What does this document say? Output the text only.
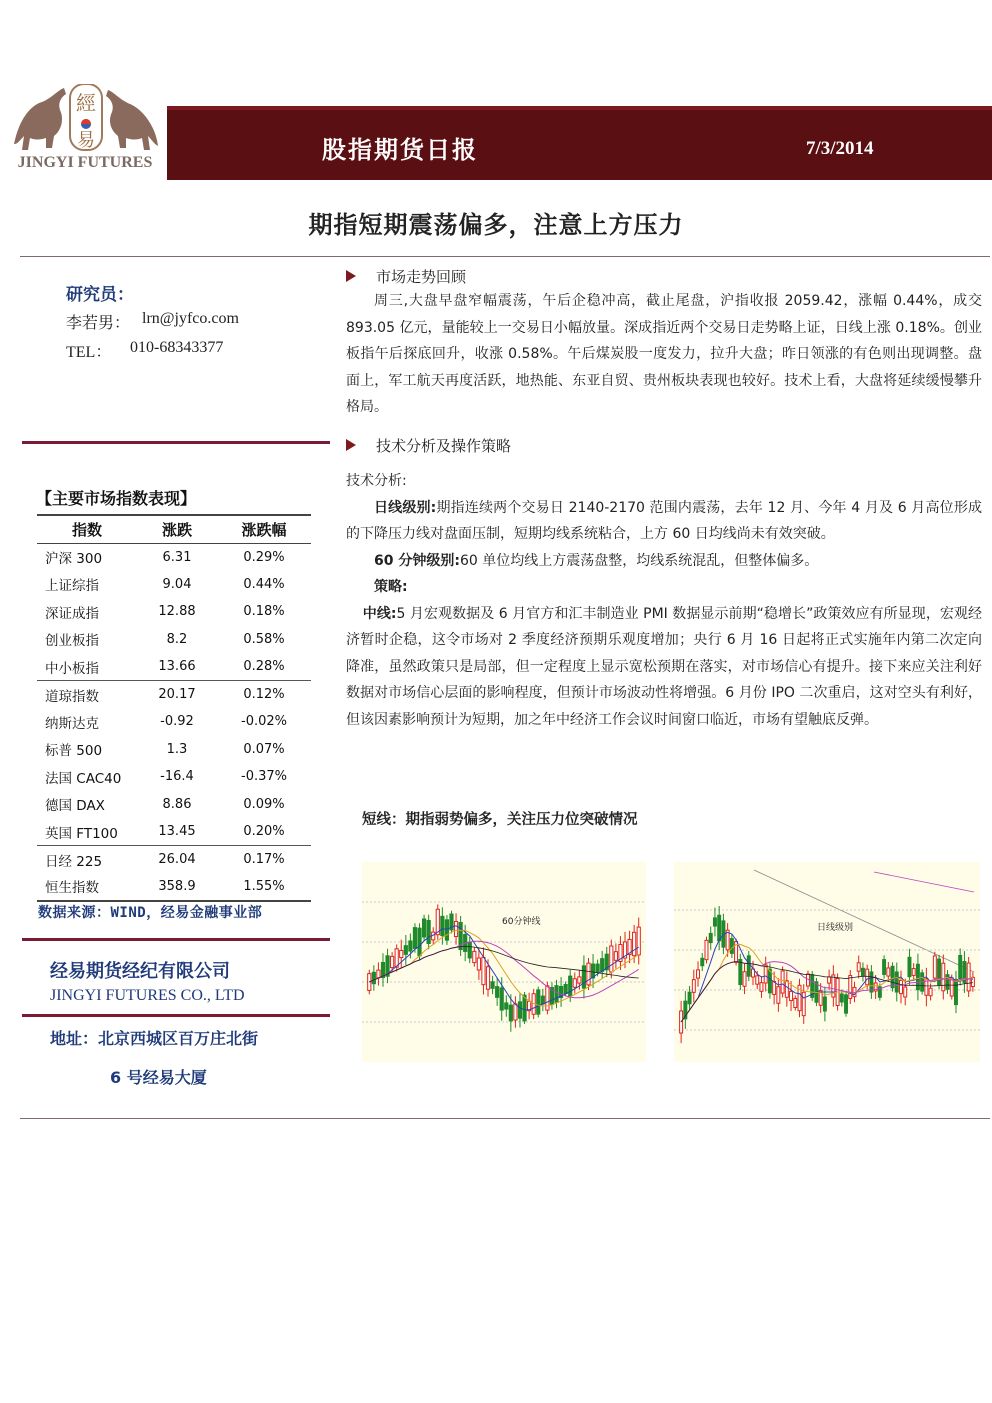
經
易
JINGYI FUTURES	股指期货日报	7/3/2014
期指短期震荡偏多，注意上方压力
研究员：
李若男： lrn@jyfco.com
TEL： 010-68343377
【主要市场指数表现】
指数	涨跌	涨跌幅
沪深 300	6.31	0.29%
上证综指	9.04	0.44%
深证成指	12.88	0.18%
创业板指	8.2	0.58%
中小板指	13.66	0.28%
道琼指数	20.17	0.12%
纳斯达克	-0.92	-0.02%
标普 500	1.3	0.07%
法国 CAC40	-16.4	-0.37%
德国 DAX	8.86	0.09%
英国 FT100	13.45	0.20%
日经 225	26.04	0.17%
恒生指数	358.9	1.55%
数据来源：WIND，经易金融事业部
经易期货经纪有限公司
JINGYI FUTURES CO., LTD
地址：北京西城区百万庄北街
6 号经易大厦
市场走势回顾

周三,大盘早盘窄幅震荡，午后企稳冲高，截止尾盘，沪指收报 2059.42，涨幅 0.44%，成交 893.05 亿元，量能较上一交易日小幅放量。深成指近两个交易日走势略上证，日线上涨 0.18%。创业板指午后探底回升，收涨 0.58%。午后煤炭股一度发力，拉升大盘；昨日领涨的有色则出现调整。盘面上，军工航天再度活跃，地热能、东亚自贸、贵州板块表现也较好。技术上看，大盘将延续缓慢攀升格局。

技术分析及操作策略

技术分析:

日线级别:期指连续两个交易日 2140-2170 范围内震荡，去年 12 月、今年 4 月及 6 月高位形成的下降压力线对盘面压制，短期均线系统粘合，上方 60 日均线尚未有效突破。

60 分钟级别:60 单位均线上方震荡盘整，均线系统混乱，但整体偏多。

策略:

中线:5 月宏观数据及 6 月官方和汇丰制造业 PMI 数据显示前期“稳增长”政策效应有所显现，宏观经济暂时企稳，这令市场对 2 季度经济预期乐观度增加；央行 6 月 16 日起将正式实施年内第二次定向降准，虽然政策只是局部，但一定程度上显示宽松预期在落实，对市场信心有提升。接下来应关注利好数据对市场信心层面的影响程度，但预计市场波动性将增强。6 月份 IPO 二次重启，这对空头有利好，但该因素影响预计为短期，加之年中经济工作会议时间窗口临近，市场有望触底反弹。

短线：期指弱势偏多，关注压力位突破情况
60分钟线
日线级别
